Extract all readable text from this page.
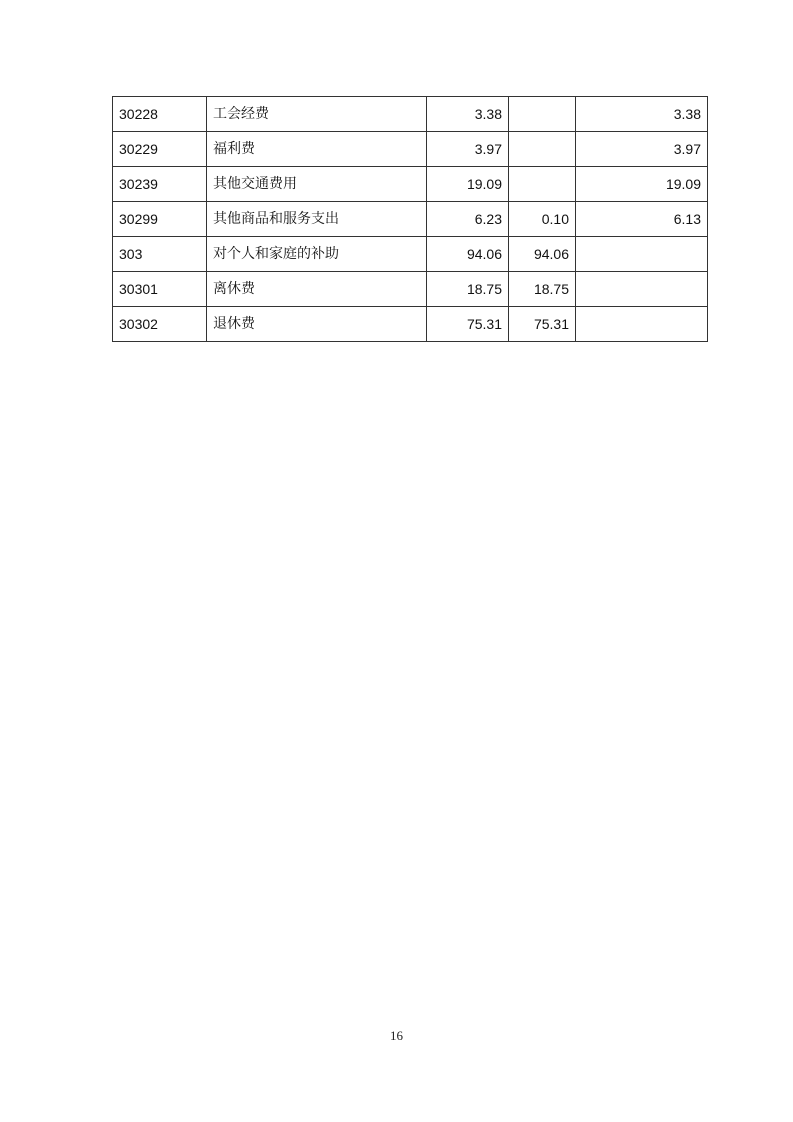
30228	工会经费	3.38		3.38
30229	福利费	3.97		3.97
30239	其他交通费用	19.09		19.09
30299	其他商品和服务支出	6.23	0.10	6.13
303	对个人和家庭的补助	94.06	94.06	
30301	离休费	18.75	18.75	
30302	退休费	75.31	75.31	
16
